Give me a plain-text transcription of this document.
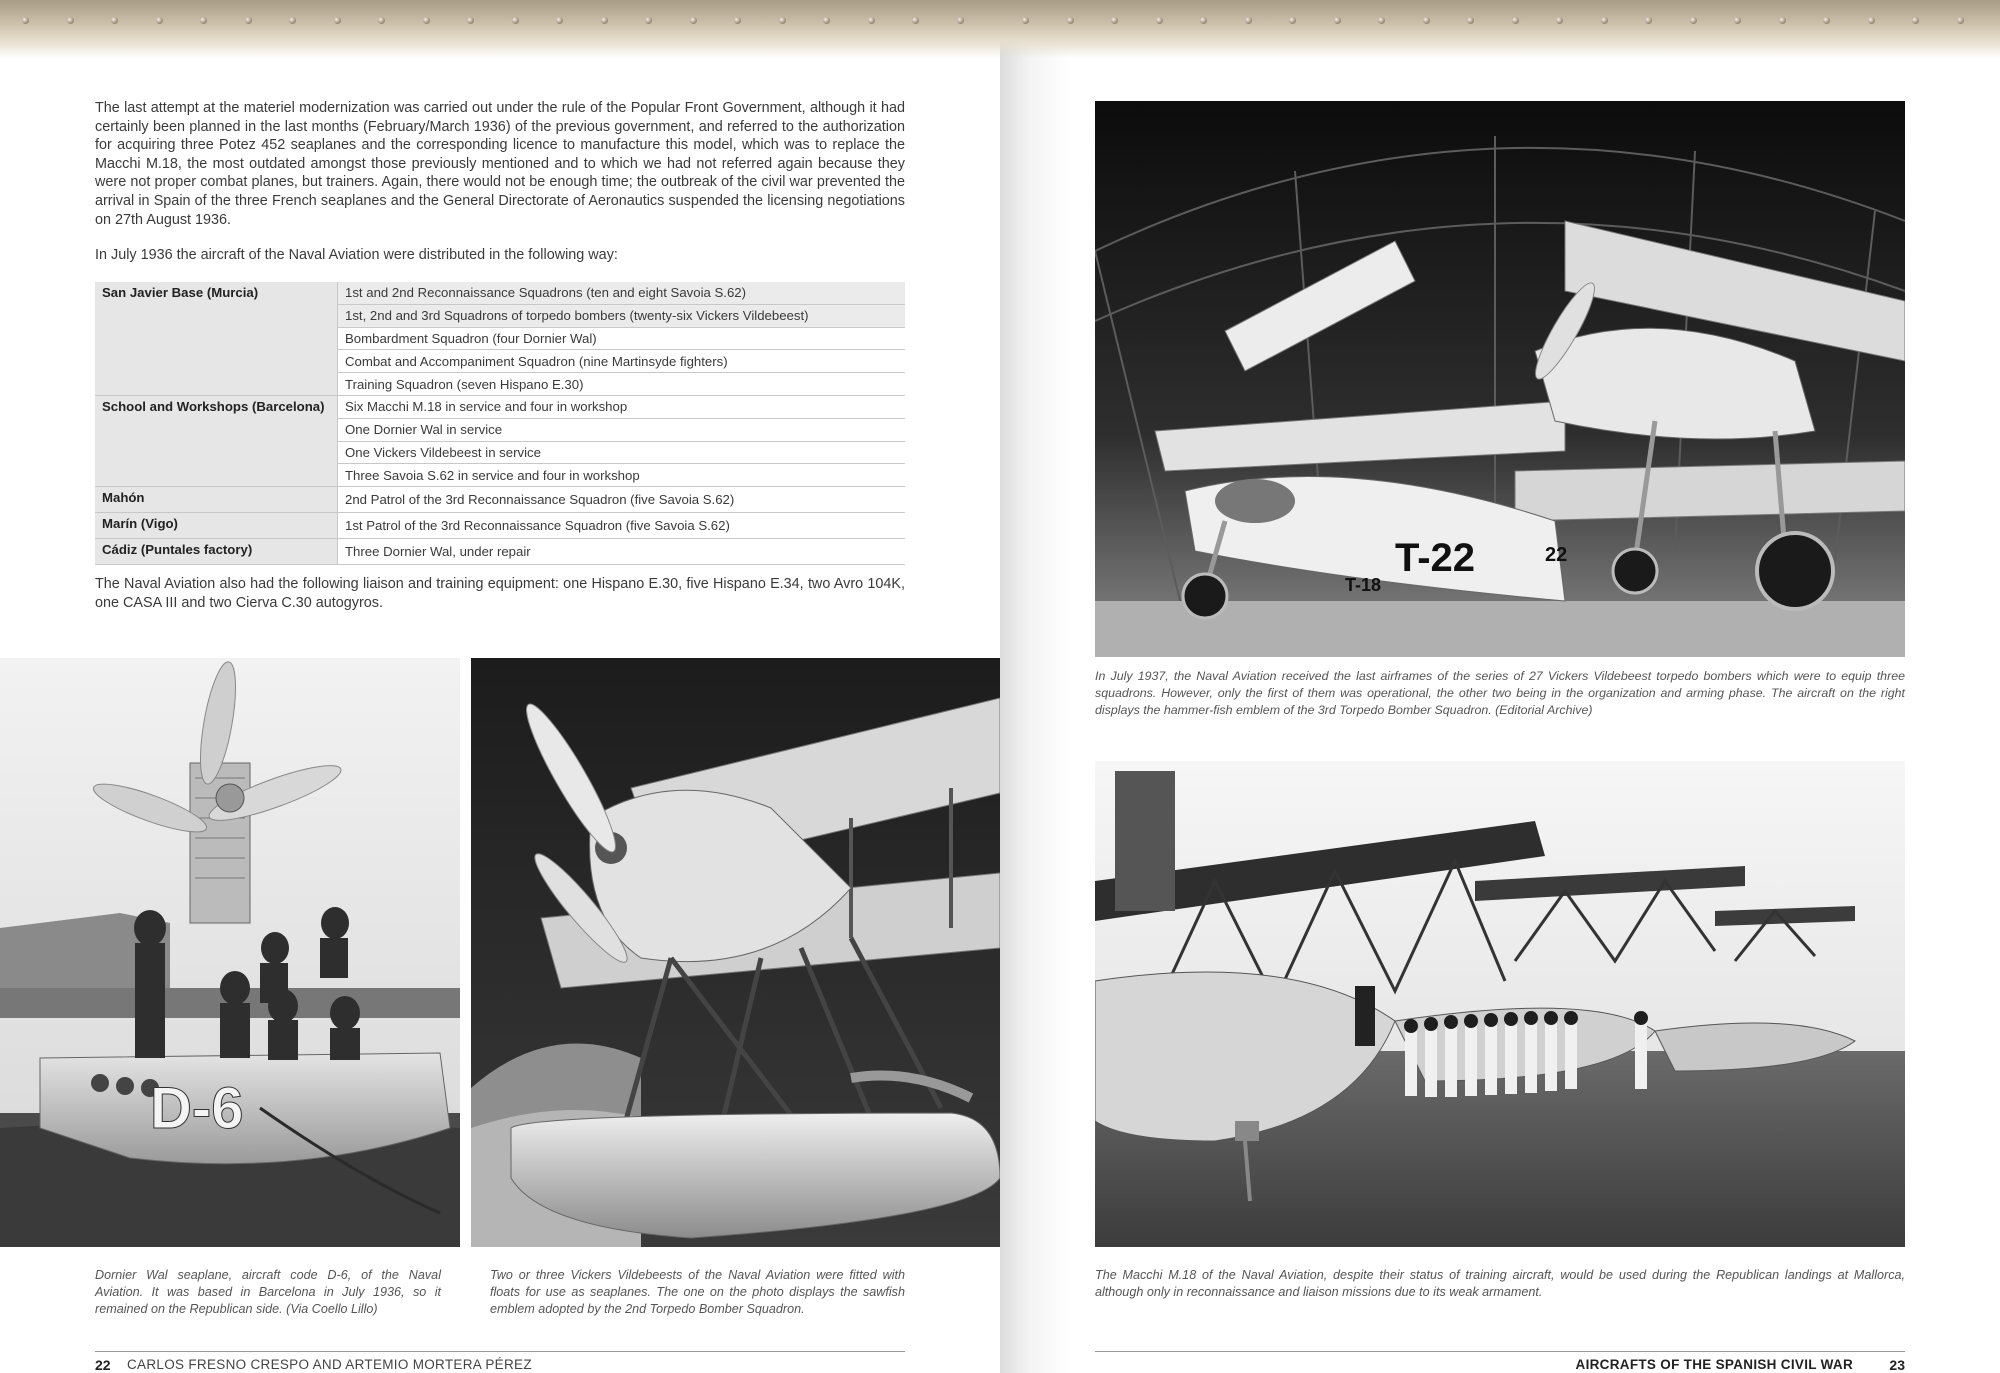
The last attempt at the materiel modernization was carried out under the rule of the Popular Front Government, although it had certainly been planned in the last months (February/March 1936) of the previous government, and referred to the authorization for acquiring three Potez 452 seaplanes and the corresponding licence to manufacture this model, which was to replace the Macchi M.18, the most outdated amongst those previously mentioned and to which we had not referred again because they were not proper combat planes, but trainers. Again, there would not be enough time; the outbreak of the civil war prevented the arrival in Spain of the three French seaplanes and the General Directorate of Aeronautics suspended the licensing negotiations on 27th August 1936.

In July 1936 the aircraft of the Naval Aviation were distributed in the following way:

San Javier Base (Murcia)	1st and 2nd Reconnaissance Squadrons (ten and eight Savoia S.62)
	1st, 2nd and 3rd Squadrons of torpedo bombers (twenty-six Vickers Vildebeest)
	Bombardment Squadron (four Dornier Wal)
	Combat and Accompaniment Squadron (nine Martinsyde fighters)
	Training Squadron (seven Hispano E.30)
School and Workshops (Barcelona)	Six Macchi M.18 in service and four in workshop
	One Dornier Wal in service
	One Vickers Vildebeest in service
	Three Savoia S.62 in service and four in workshop
Mahón	2nd Patrol of the 3rd Reconnaissance Squadron (five Savoia S.62)
Marín (Vigo)	1st Patrol of the 3rd Reconnaissance Squadron (five Savoia S.62)
Cádiz (Puntales factory)	Three Dornier Wal, under repair

The Naval Aviation also had the following liaison and training equipment: one Hispano E.30, five Hispano E.34, two Avro 104K, one CASA III and two Cierva C.30 autogyros.

D-6

Dornier Wal seaplane, aircraft code D-6, of the Naval Aviation. It was based in Barcelona in July 1936, so it remained on the Republican side. (Via Coello Lillo)

Two or three Vickers Vildebeests of the Naval Aviation were fitted with floats for use as seaplanes. The one on the photo displays the sawfish emblem adopted by the 2nd Torpedo Bomber Squadron.

22 CARLOS FRESNO CRESPO AND ARTEMIO MORTERA PÉREZ
T-22	22
T-18

In July 1937, the Naval Aviation received the last airframes of the series of 27 Vickers Vildebeest torpedo bombers which were to equip three squadrons. However, only the first of them was operational, the other two being in the organization and arming phase. The aircraft on the right displays the hammer-fish emblem of the 3rd Torpedo Bomber Squadron. (Editorial Archive)

The Macchi M.18 of the Naval Aviation, despite their status of training aircraft, would be used during the Republican landings at Mallorca, although only in reconnaissance and liaison missions due to its weak armament.

AIRCRAFTS OF THE SPANISH CIVIL WAR	23
